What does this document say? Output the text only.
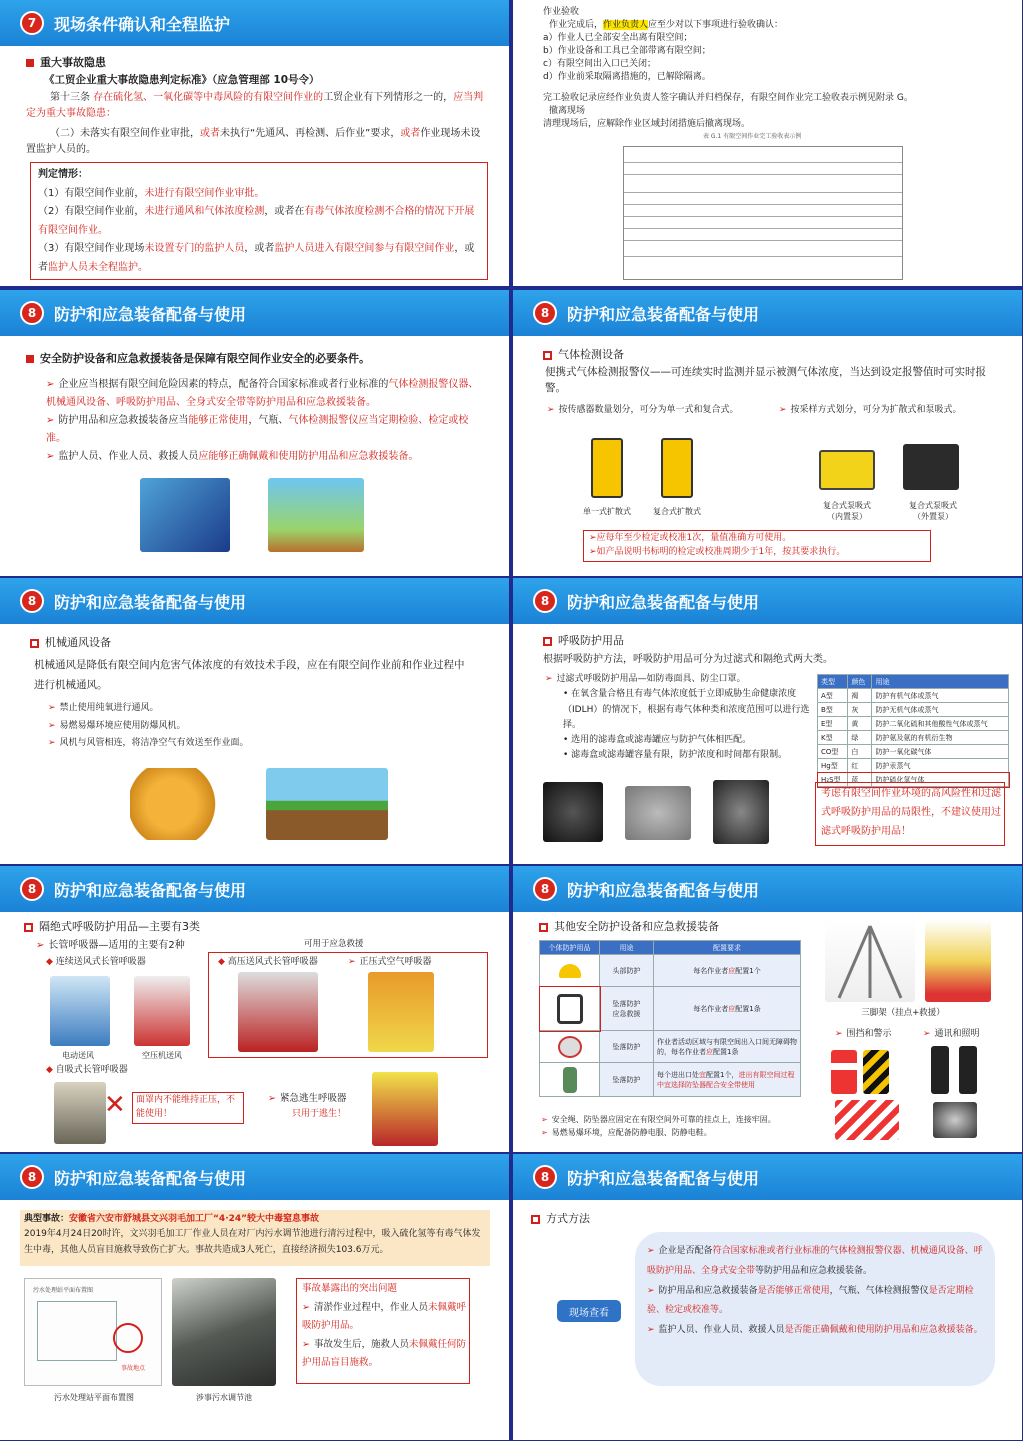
7	现场条件确认和全程监护
重大事故隐患
《工贸企业重大事故隐患判定标准》（应急管理部 10号令）
第十三条 存在硫化氢、一氧化碳等中毒风险的有限空间作业的工贸企业有下列情形之一的，应当判定为重大事故隐患：
（二）未落实有限空间作业审批，或者未执行“先通风、再检测、后作业”要求，或者作业现场未设置监护人员的。
判定情形：
（1）有限空间作业前，未进行有限空间作业审批。
（2）有限空间作业前，未进行通风和气体浓度检测，或者在有毒气体浓度检测不合格的情况下开展有限空间作业。
（3）有限空间作业现场未设置专门的监护人员，或者监护人员进入有限空间参与有限空间作业，或者监护人员未全程监护。
作业验收
作业完成后，作业负责人应至少对以下事项进行验收确认：
a）作业人已全部安全出离有限空间；
b）作业设备和工具已全部带离有限空间；
c）有限空间出入口已关闭；
d）作业前采取隔离措施的，已解除隔离。
完工验收记录应经作业负责人签字确认并归档保存，有限空间作业完工验收表示例见附录 G。
撤离现场
清理现场后，应解除作业区域封闭措施后撤离现场。
表 G.1 有限空间作业完工验收表示例
8	防护和应急装备配备与使用
安全防护设备和应急救援装备是保障有限空间作业安全的必要条件。
➢ 企业应当根据有限空间危险因素的特点，配备符合国家标准或者行业标准的气体检测报警仪器、机械通风设备、呼吸防护用品、全身式安全带等防护用品和应急救援装备。
➢ 防护用品和应急救援装备应当能够正常使用，气瓶、气体检测报警仪应当定期检验、检定或校准。
➢ 监护人员、作业人员、救援人员应能够正确佩戴和使用防护用品和应急救援装备。
8	防护和应急装备配备与使用
气体检测设备
便携式气体检测报警仪——可连续实时监测并显示被测气体浓度，当达到设定报警值时可实时报警。
➢ 按传感器数量划分，可分为单一式和复合式。	➢ 按采样方式划分，可分为扩散式和泵吸式。
单一式扩散式	复合式扩散式
复合式泵吸式
（内置泵）
复合式泵吸式
（外置泵）
➢应每年至少检定或校准1次，量值准确方可使用。
➢如产品说明书标明的检定或校准周期少于1年，按其要求执行。
8	防护和应急装备配备与使用
机械通风设备
机械通风是降低有限空间内危害气体浓度的有效技术手段，应在有限空间作业前和作业过程中进行机械通风。
➢ 禁止使用纯氧进行通风。
➢ 易燃易爆环境应使用防爆风机。
➢ 风机与风管相连，将洁净空气有效送至作业面。
8	防护和应急装备配备与使用
呼吸防护用品
根据呼吸防护方法，呼吸防护用品可分为过滤式和隔绝式两大类。
➢ 过滤式呼吸防护用品—如防毒面具、防尘口罩。
• 在氧含量合格且有毒气体浓度低于立即威胁生命健康浓度（IDLH）的情况下，根据有毒气体种类和浓度范围可以进行选择。
• 选用的滤毒盒或滤毒罐应与防护气体相匹配。
• 滤毒盒或滤毒罐容量有限，防护浓度和时间都有限制。
类型	颜色	用途
A型	褐	防护有机气体或蒸气
B型	灰	防护无机气体或蒸气
E型	黄	防护二氧化硫和其他酸性气体或蒸气
K型	绿	防护氨及氨的有机衍生物
CO型	白	防护一氧化碳气体
Hg型	红	防护汞蒸气
H₂S型	蓝	防护硫化氢气体
考虑有限空间作业环境的高风险性和过滤式呼吸防护用品的局限性，不建议使用过滤式呼吸防护用品！
8	防护和应急装备配备与使用
隔绝式呼吸防护用品—主要有3类
➢ 长管呼吸器—适用的主要有2种	可用于应急救援
◆ 连续送风式长管呼吸器	◆ 高压送风式长管呼吸器	➢ 正压式空气呼吸器
电动送风	空压机送风
◆ 自吸式长管呼吸器
✕ 面罩内不能维持正压，不能使用！
➢ 紧急逃生呼吸器
只用于逃生！
8	防护和应急装备配备与使用
其他安全防护设备和应急救援装备
个体防护用品	用途	配置要求

	头部防护	每名作业者应配置1个

	坠落防护
应急救援	每名作业者应配置1条

	坠落防护	作业者活动区域与有限空间出入口间无障碍物的，每名作业者应配置1条

	坠落防护	每个进出口处宜配置1个，进出有限空间过程中宜选择防坠器配合安全带使用
➢ 安全绳、防坠器应固定在有限空间外可靠的挂点上，连接牢固。
➢ 易燃易爆环境，应配备防静电服、防静电鞋。
三脚架（挂点+救援）
➢ 围挡和警示	➢ 通讯和照明
8	防护和应急装备配备与使用
典型事故：安徽省六安市舒城县文兴羽毛加工厂“4·24”较大中毒窒息事故
2019年4月24日20时许，文兴羽毛加工厂作业人员在对厂内污水调节池进行清污过程中，吸入硫化氢等有毒气体发生中毒，其他人员盲目施救导致伤亡扩大。事故共造成3人死亡，直接经济损失103.6万元。
污水处理站平面布置图
事故地点
污水处理站平面布置图	涉事污水调节池
事故暴露出的突出问题
➢ 清淤作业过程中，作业人员未佩戴呼吸防护用品。
➢ 事故发生后，施救人员未佩戴任何防护用品盲目施救。
8	防护和应急装备配备与使用
方式方法
现场查看
➢ 企业是否配备符合国家标准或者行业标准的气体检测报警仪器、机械通风设备、呼吸防护用品、全身式安全带等防护用品和应急救援装备。
➢ 防护用品和应急救援装备是否能够正常使用，气瓶、气体检测报警仪是否定期检验、检定或校准等。
➢ 监护人员、作业人员、救援人员是否能正确佩戴和使用防护用品和应急救援装备。
